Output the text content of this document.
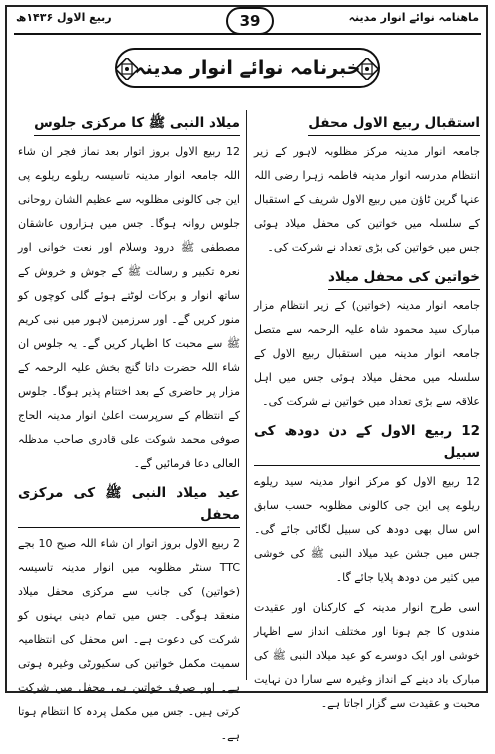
ربیع الاول ۱۴۳۶ھ	ماھنامہ نوائے انوار مدینہ
39
خبرنامہ نوائے انوار مدینہ
استقبال ربیع الاول محفل

جامعہ انوار مدینہ مرکز مظلوبہ لاہور کے زیر انتظام مدرسہ انوار مدینہ فاطمہ زہرا رضی اللہ عنہا گرین ٹاؤن میں ربیع الاول شریف کے استقبال کے سلسلہ میں خواتین کی محفل میلاد ہوئی جس میں خواتین کی بڑی تعداد نے شرکت کی۔

خواتین کی محفل میلاد

جامعہ انوار مدینہ (خواتین) کے زیر انتظام مزار مبارک سید محمود شاہ علیہ الرحمہ سے متصل جامعہ انوار مدینہ میں استقبال ربیع الاول کے سلسلہ میں محفل میلاد ہوئی جس میں اہل علاقہ سے بڑی تعداد میں خواتین نے شرکت کی۔

12 ربیع الاول کے دن دودھ کی سبیل

12 ربیع الاول کو مرکز انوار مدینہ سید ریلوے ریلوے پی این جی کالونی مظلوبہ حسب سابق اس سال بھی دودھ کی سبیل لگائی جائے گی۔ جس میں جشن عید میلاد النبی ﷺ کی خوشی میں کثیر من دودھ پلایا جائے گا۔

اسی طرح انوار مدینہ کے کارکنان اور عقیدت مندوں کا جم ہونا اور مختلف انداز سے اظہار خوشی اور ایک دوسرے کو عید میلاد النبی ﷺ کی مبارک باد دینے کے انداز وغیرہ سے سارا دن نہایت محبت و عقیدت سے گزار اجاتا ہے۔

میلاد النبی ﷺ کا مرکزی جلوس

12 ربیع الاول بروز اتوار بعد نماز فجر ان شاء اللہ جامعہ انوار مدینہ تاسیسہ ریلوے ریلوے پی این جی کالونی مظلوبہ سے عظیم الشان روحانی جلوس روانہ ہوگا۔ جس میں ہزاروں عاشقان مصطفی ﷺ درود وسلام اور نعت خوانی اور نعرہ تکبیر و رسالت ﷺ کے جوش و خروش کے ساتھ انوار و برکات لوٹتے ہوئے گلی کوچوں کو منور کریں گے۔ اور سرزمین لاہور میں نبی کریم ﷺ سے محبت کا اظہار کریں گے۔ یہ جلوس ان شاء اللہ حضرت داتا گنج بخش علیہ الرحمہ کے مزار پر حاضری کے بعد اختتام پذیر ہوگا۔ جلوس کے انتظام کے سرپرست اعلیٰ انوار مدینہ الحاج صوفی محمد شوکت علی قادری صاحب مدظلہ العالی دعا فرمائیں گے۔

عید میلاد النبی ﷺ کی مرکزی محفل

2 ربیع الاول بروز اتوار ان شاء اللہ صبح 10 بجے TTC سنٹر مظلوبہ میں انوار مدینہ تاسیسہ (خواتین) کی جانب سے مرکزی محفل میلاد منعقد ہوگی۔ جس میں تمام دینی بہنوں کو شرکت کی دعوت ہے۔ اس محفل کی انتظامیہ سمیت مکمل خواتین کی سکیورٹی وغیرہ ہوتی ہے۔ اور صرف خواتین ہی محفل میں شرکت کرتی ہیں۔ جس میں مکمل پردہ کا انتظام ہوتا ہے۔
